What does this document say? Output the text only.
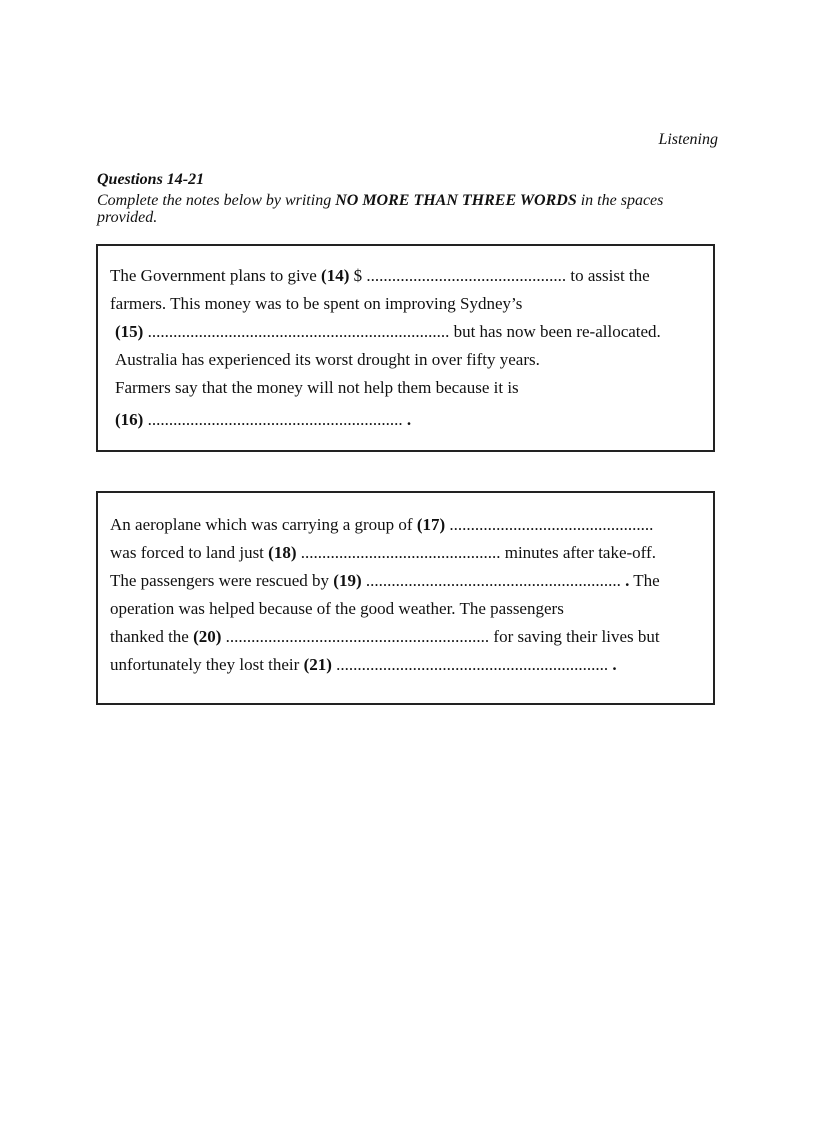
Listening
Questions 14-21
Complete the notes below by writing NO MORE THAN THREE WORDS in the spaces provided.
The Government plans to give (14) $ ............................................... to assist the
farmers. This money was to be spent on improving Sydney’s
(15) ....................................................................... but has now been re-allocated.
Australia has experienced its worst drought in over fifty years.
Farmers say that the money will not help them because it is
(16) ............................................................ .
An aeroplane which was carrying a group of (17) ................................................
was forced to land just (18) ............................................... minutes after take-off.
The passengers were rescued by (19) ............................................................ . The
operation was helped because of the good weather. The passengers
thanked the (20) .............................................................. for saving their lives but
unfortunately they lost their (21) ................................................................ .
